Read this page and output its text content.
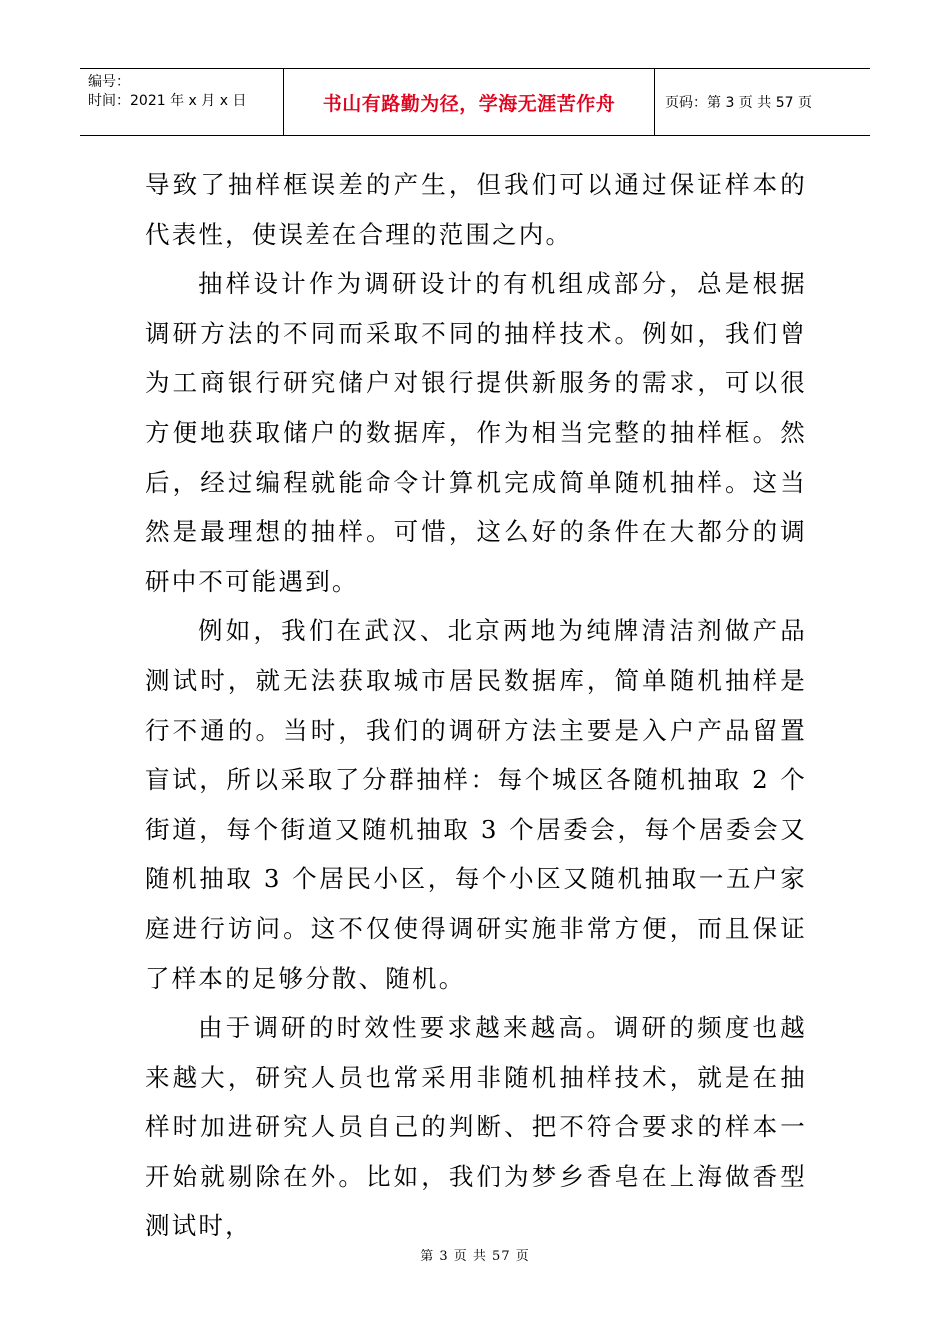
编号：
时间：2021 年 x 月 x 日	书山有路勤为径，学海无涯苦作舟	页码：第 3 页 共 57 页

导致了抽样框误差的产生，但我们可以通过保证样本的代表性，使误差在合理的范围之内。

抽样设计作为调研设计的有机组成部分，总是根据调研方法的不同而采取不同的抽样技术。例如，我们曾为工商银行研究储户对银行提供新服务的需求，可以很方便地获取储户的数据库，作为相当完整的抽样框。然后，经过编程就能命令计算机完成简单随机抽样。这当然是最理想的抽样。可惜，这么好的条件在大都分的调研中不可能遇到。

例如，我们在武汉、北京两地为纯牌清洁剂做产品测试时，就无法获取城市居民数据库，简单随机抽样是行不通的。当时，我们的调研方法主要是入户产品留置盲试，所以采取了分群抽样：每个城区各随机抽取 2 个街道，每个街道又随机抽取 3 个居委会，每个居委会又随机抽取 3 个居民小区，每个小区又随机抽取一五户家庭进行访问。这不仅使得调研实施非常方便，而且保证了样本的足够分散、随机。

由于调研的时效性要求越来越高。调研的频度也越来越大，研究人员也常采用非随机抽样技术，就是在抽样时加进研究人员自己的判断、把不符合要求的样本一开始就剔除在外。比如，我们为梦乡香皂在上海做香型测试时，

第 3 页 共 57 页
